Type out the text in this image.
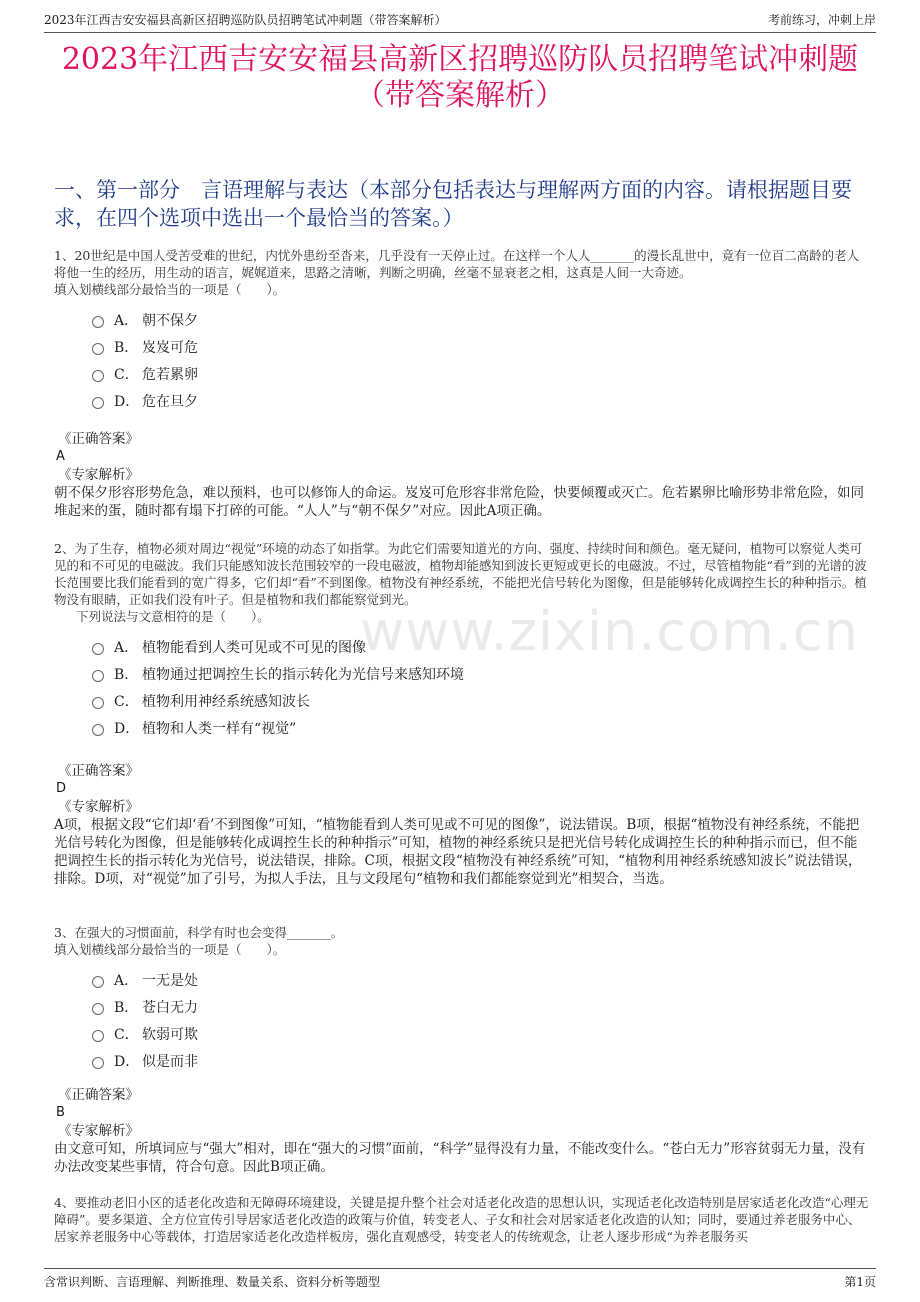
2023年江西吉安安福县高新区招聘巡防队员招聘笔试冲刺题（带答案解析）	考前练习，冲刺上岸
2023年江西吉安安福县高新区招聘巡防队员招聘笔试冲刺题
（带答案解析）
一、第一部分　言语理解与表达（本部分包括表达与理解两方面的内容。请根据题目要求，在四个选项中选出一个最恰当的答案。）
www.zixin.com.cn

1、20世纪是中国人受苦受难的世纪，内忧外患纷至沓来，几乎没有一天停止过。在这样一个人人_______的漫长乱世中，竟有一位百二高龄的老人将他一生的经历，用生动的语言，娓娓道来，思路之清晰，判断之明确，丝毫不显衰老之相，这真是人间一大奇迹。

填入划横线部分最恰当的一项是（　　）。

A． 朝不保夕
B． 岌岌可危
C． 危若累卵
D． 危在旦夕

《正确答案》

A

《专家解析》

朝不保夕形容形势危急，难以预料，也可以修饰人的命运。岌岌可危形容非常危险，快要倾覆或灭亡。危若累卵比喻形势非常危险，如同堆起来的蛋，随时都有塌下打碎的可能。“人人”与“朝不保夕”对应。因此A项正确。

2、为了生存，植物必须对周边“视觉”环境的动态了如指掌。为此它们需要知道光的方向、强度、持续时间和颜色。毫无疑问，植物可以察觉人类可见的和不可见的电磁波。我们只能感知波长范围较窄的一段电磁波，植物却能感知到波长更短或更长的电磁波。不过，尽管植物能“看”到的光谱的波长范围要比我们能看到的宽广得多，它们却“看”不到图像。植物没有神经系统，不能把光信号转化为图像，但是能够转化成调控生长的种种指示。植物没有眼睛，正如我们没有叶子。但是植物和我们都能察觉到光。

下列说法与文意相符的是（　　）。

A． 植物能看到人类可见或不可见的图像
B． 植物通过把调控生长的指示转化为光信号来感知环境
C． 植物利用神经系统感知波长
D． 植物和人类一样有“视觉”

《正确答案》

D

《专家解析》

A项，根据文段“它们却‘看’不到图像”可知，“植物能看到人类可见或不可见的图像”，说法错误。B项，根据“植物没有神经系统，不能把光信号转化为图像，但是能够转化成调控生长的种种指示”可知，植物的神经系统只是把光信号转化成调控生长的种种指示而已，但不能把调控生长的指示转化为光信号，说法错误，排除。C项，根据文段“植物没有神经系统”可知，“植物利用神经系统感知波长”说法错误，排除。D项，对“视觉”加了引号，为拟人手法，且与文段尾句“植物和我们都能察觉到光”相契合，当选。

3、在强大的习惯面前，科学有时也会变得_______。

填入划横线部分最恰当的一项是（　　）。

A． 一无是处
B． 苍白无力
C． 软弱可欺
D． 似是而非

《正确答案》

B

《专家解析》

由文意可知，所填词应与“强大”相对，即在“强大的习惯”面前，“科学”显得没有力量，不能改变什么。“苍白无力”形容贫弱无力量，没有办法改变某些事情，符合句意。因此B项正确。

4、要推动老旧小区的适老化改造和无障碍环境建设，关键是提升整个社会对适老化改造的思想认识，实现适老化改造特别是居家适老化改造“心理无障碍”。要多渠道、全方位宣传引导居家适老化改造的政策与价值，转变老人、子女和社会对居家适老化改造的认知；同时，要通过养老服务中心、居家养老服务中心等载体，打造居家适老化改造样板房，强化直观感受，转变老人的传统观念，让老人逐步形成“为养老服务买

含常识判断、言语理解、判断推理、数量关系、资料分析等题型	第1页
